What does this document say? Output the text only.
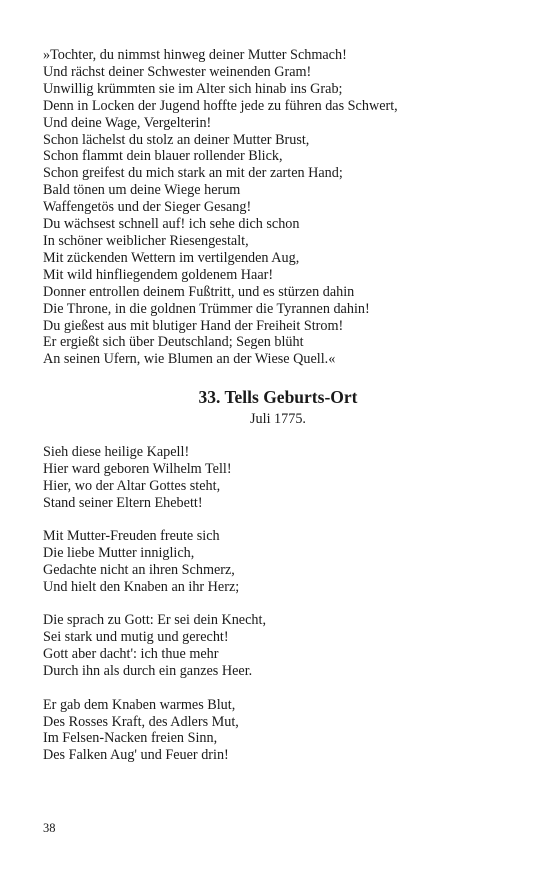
»Tochter, du nimmst hinweg deiner Mutter Schmach!
Und rächst deiner Schwester weinenden Gram!
Unwillig krümmten sie im Alter sich hinab ins Grab;
Denn in Locken der Jugend hoffte jede zu führen das Schwert,
Und deine Wage, Vergelterin!
Schon lächelst du stolz an deiner Mutter Brust,
Schon flammt dein blauer rollender Blick,
Schon greifest du mich stark an mit der zarten Hand;
Bald tönen um deine Wiege herum
Waffengetös und der Sieger Gesang!
Du wächsest schnell auf! ich sehe dich schon
In schöner weiblicher Riesengestalt,
Mit zückenden Wettern im vertilgenden Aug,
Mit wild hinfliegendem goldenem Haar!
Donner entrollen deinem Fußtritt, und es stürzen dahin
Die Throne, in die goldnen Trümmer die Tyrannen dahin!
Du gießest aus mit blutiger Hand der Freiheit Strom!
Er ergießt sich über Deutschland; Segen blüht
An seinen Ufern, wie Blumen an der Wiese Quell.«
33. Tells Geburts-Ort
Juli 1775.
Sieh diese heilige Kapell!
Hier ward geboren Wilhelm Tell!
Hier, wo der Altar Gottes steht,
Stand seiner Eltern Ehebett!
Mit Mutter-Freuden freute sich
Die liebe Mutter inniglich,
Gedachte nicht an ihren Schmerz,
Und hielt den Knaben an ihr Herz;
Die sprach zu Gott: Er sei dein Knecht,
Sei stark und mutig und gerecht!
Gott aber dacht': ich thue mehr
Durch ihn als durch ein ganzes Heer.
Er gab dem Knaben warmes Blut,
Des Rosses Kraft, des Adlers Mut,
Im Felsen-Nacken freien Sinn,
Des Falken Aug' und Feuer drin!
38
